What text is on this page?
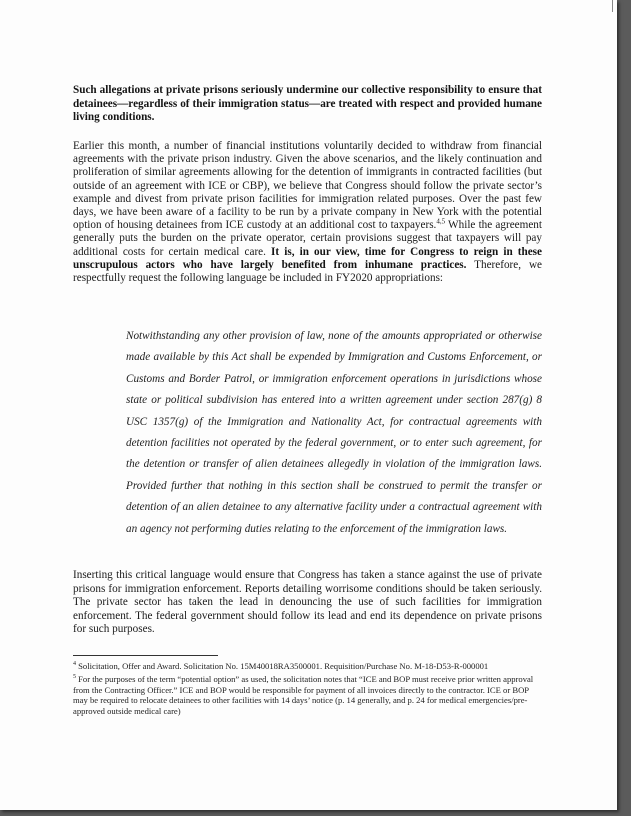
Such allegations at private prisons seriously undermine our collective responsibility to ensure that detainees—regardless of their immigration status—are treated with respect and provided humane living conditions.

Earlier this month, a number of financial institutions voluntarily decided to withdraw from financial agreements with the private prison industry. Given the above scenarios, and the likely continuation and proliferation of similar agreements allowing for the detention of immigrants in contracted facilities (but outside of an agreement with ICE or CBP), we believe that Congress should follow the private sector’s example and divest from private prison facilities for immigration related purposes. Over the past few days, we have been aware of a facility to be run by a private company in New York with the potential option of housing detainees from ICE custody at an additional cost to taxpayers.$^{4,5}$ While the agreement generally puts the burden on the private operator, certain provisions suggest that taxpayers will pay additional costs for certain medical care. It is, in our view, time for Congress to reign in these unscrupulous actors who have largely benefited from inhumane practices. Therefore, we respectfully request the following language be included in FY2020 appropriations:

Notwithstanding any other provision of law, none of the amounts appropriated or otherwise made available by this Act shall be expended by Immigration and Customs Enforcement, or Customs and Border Patrol, or immigration enforcement operations in jurisdictions whose state or political subdivision has entered into a written agreement under section 287(g) 8 USC 1357(g) of the Immigration and Nationality Act, for contractual agreements with detention facilities not operated by the federal government, or to enter such agreement, for the detention or transfer of alien detainees allegedly in violation of the immigration laws. Provided further that nothing in this section shall be construed to permit the transfer or detention of an alien detainee to any alternative facility under a contractual agreement with an agency not performing duties relating to the enforcement of the immigration laws.

Inserting this critical language would ensure that Congress has taken a stance against the use of private prisons for immigration enforcement. Reports detailing worrisome conditions should be taken seriously. The private sector has taken the lead in denouncing the use of such facilities for immigration enforcement. The federal government should follow its lead and end its dependence on private prisons for such purposes.

$^4$ Solicitation, Offer and Award. Solicitation No. 15M40018RA3500001. Requisition/Purchase No. M-18-D53-R-000001

$^5$ For the purposes of the term “potential option” as used, the solicitation notes that “ICE and BOP must receive prior written approval from the Contracting Officer.” ICE and BOP would be responsible for payment of all invoices directly to the contractor. ICE or BOP may be required to relocate detainees to other facilities with 14 days’ notice (p. 14 generally, and p. 24 for medical emergencies/pre-approved outside medical care)
